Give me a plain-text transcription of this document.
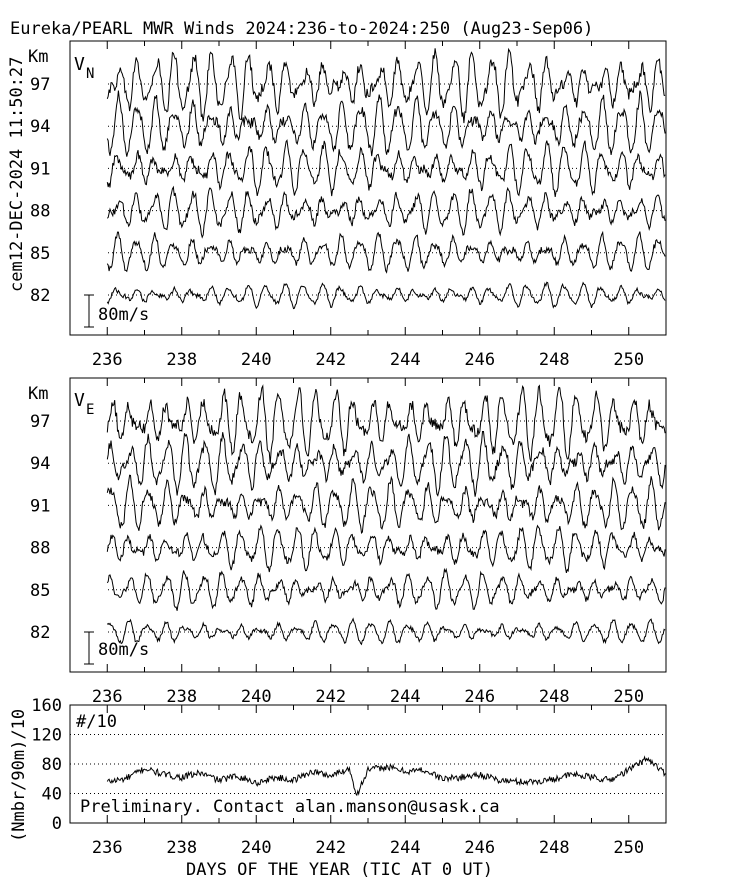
Eureka/PEARL MWR Winds 2024:236-to-2024:250 (Aug23-Sep06)
cem12-DEC-2024 11:50:27
(Nmbr/90m)/10
DAYS OF THE YEAR (TIC AT 0 UT)
V N
Km
80m/s
97
94
91
88
85
82
236	238	240	242	244	246	248	250
V E
Km
80m/s
97
94
91
88
85
82
236	238	240	242	244	246	248	250
#/10
Preliminary. Contact alan.manson@usask.ca
0
40
80
120
160
236	238	240	242	244	246	248	250
